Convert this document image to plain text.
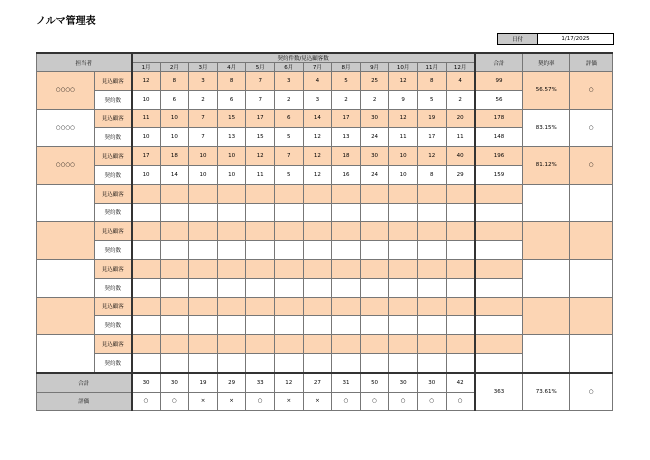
ノルマ管理表
日付	1/17/2025
担当者		契約件数/見込顧客数												合計	契約率	評価
		1月	2月	3月	4月	5月	6月	7月	8月	9月	10月	11月	12月			
○○○○	見込顧客	12	8	3	8	7	3	4	5	25	12	8	4	99	56.57%	○
	契約数	10	6	2	6	7	2	3	2	2	9	5	2	56		
○○○○	見込顧客	11	10	7	15	17	6	14	17	30	12	19	20	178	83.15%	○
	契約数	10	10	7	13	15	5	12	13	24	11	17	11	148		
○○○○	見込顧客	17	18	10	10	12	7	12	18	30	10	12	40	196	81.12%	○
	契約数	10	14	10	10	11	5	12	16	24	10	8	29	159		
	見込顧客															
	契約数															
	見込顧客															
	契約数															
	見込顧客															
	契約数															
	見込顧客															
	契約数															
	見込顧客															
	契約数															
合計		30	30	19	29	33	12	27	31	50	30	30	42	363	73.61%	○
評価		○	○	×	×	○	×	×	○	○	○	○	○			
